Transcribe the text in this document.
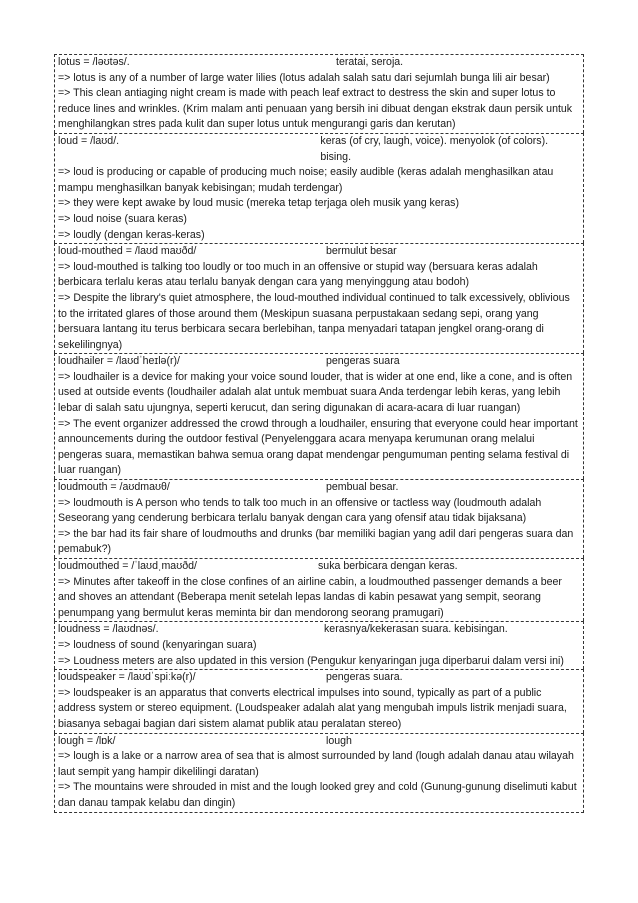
lotus = /ləʊtəs/.	teratai, seroja.
=> lotus is any of a number of large water lilies (lotus adalah salah satu dari sejumlah bunga lili air besar)
=> This clean antiaging night cream is made with peach leaf extract to destress the skin and super lotus to reduce lines and wrinkles. (Krim malam anti penuaan yang bersih ini dibuat dengan ekstrak daun persik untuk menghilangkan stres pada kulit dan super lotus untuk mengurangi garis dan kerutan)
loud = /laʊd/.	keras (of cry, laugh, voice). menyolok (of colors). bising.
=> loud is producing or capable of producing much noise; easily audible (keras adalah menghasilkan atau mampu menghasilkan banyak kebisingan; mudah terdengar)
=> they were kept awake by loud music (mereka tetap terjaga oleh musik yang keras)
=> loud noise (suara keras)
=> loudly (dengan keras-keras)
loud-mouthed = /laʊd maʊðd/	bermulut besar
=> loud-mouthed is talking too loudly or too much in an offensive or stupid way (bersuara keras adalah berbicara terlalu keras atau terlalu banyak dengan cara yang menyinggung atau bodoh)
=> Despite the library's quiet atmosphere, the loud-mouthed individual continued to talk excessively, oblivious to the irritated glares of those around them (Meskipun suasana perpustakaan sedang sepi, orang yang bersuara lantang itu terus berbicara secara berlebihan, tanpa menyadari tatapan jengkel orang-orang di sekelilingnya)
loudhailer = /laʊdˈheɪlə(r)/	pengeras suara
=> loudhailer is a device for making your voice sound louder, that is wider at one end, like a cone, and is often used at outside events (loudhailer adalah alat untuk membuat suara Anda terdengar lebih keras, yang lebih lebar di salah satu ujungnya, seperti kerucut, dan sering digunakan di acara-acara di luar ruangan)
=> The event organizer addressed the crowd through a loudhailer, ensuring that everyone could hear important announcements during the outdoor festival (Penyelenggara acara menyapa kerumunan orang melalui pengeras suara, memastikan bahwa semua orang dapat mendengar pengumuman penting selama festival di luar ruangan)
loudmouth = /aʊdmaʊθ/	pembual besar.
=> loudmouth is A person who tends to talk too much in an offensive or tactless way (loudmouth adalah Seseorang yang cenderung berbicara terlalu banyak dengan cara yang ofensif atau tidak bijaksana)
=> the bar had its fair share of loudmouths and drunks (bar memiliki bagian yang adil dari pengeras suara dan pemabuk?)
loudmouthed = /ˈlaʊdˌmaʊðd/	suka berbicara dengan keras.
=> Minutes after takeoff in the close confines of an airline cabin, a loudmouthed passenger demands a beer and shoves an attendant (Beberapa menit setelah lepas landas di kabin pesawat yang sempit, seorang penumpang yang bermulut keras meminta bir dan mendorong seorang pramugari)
loudness = /laʊdnəs/.	kerasnya/kekerasan suara. kebisingan.
=> loudness of sound (kenyaringan suara)
=> Loudness meters are also updated in this version (Pengukur kenyaringan juga diperbarui dalam versi ini)
loudspeaker = /laʊdˈspiːkə(r)/	pengeras suara.
=> loudspeaker is an apparatus that converts electrical impulses into sound, typically as part of a public address system or stereo equipment. (Loudspeaker adalah alat yang mengubah impuls listrik menjadi suara, biasanya sebagai bagian dari sistem alamat publik atau peralatan stereo)
lough = /lɒk/	lough
=> lough is a lake or a narrow area of sea that is almost surrounded by land (lough adalah danau atau wilayah laut sempit yang hampir dikelilingi daratan)
=> The mountains were shrouded in mist and the lough looked grey and cold (Gunung-gunung diselimuti kabut dan danau tampak kelabu dan dingin)
